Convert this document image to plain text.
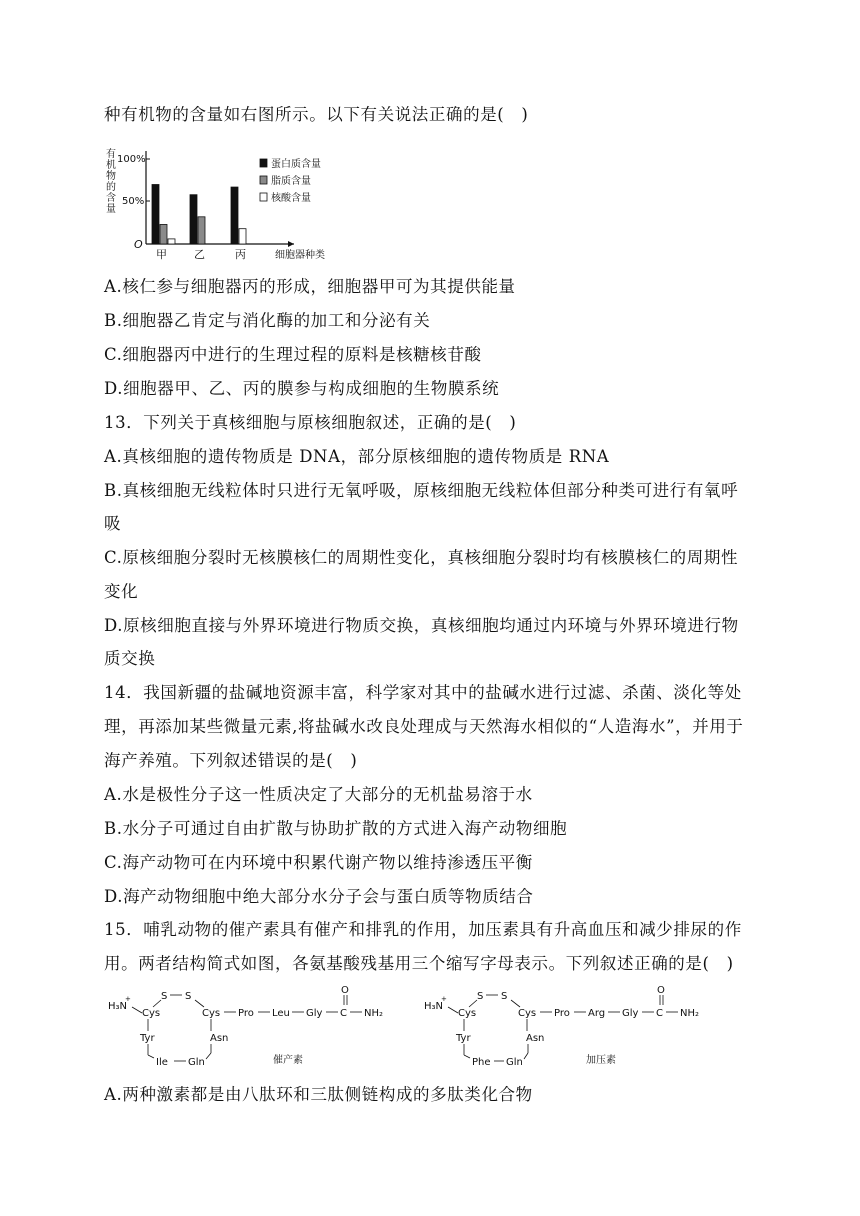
种有机物的含量如右图所示。以下有关说法正确的是(　)
有
机
物
的
含
量
100%
50%
O
甲 乙	丙	细胞器种类
蛋白质含量
脂质含量
核酸含量
A.核仁参与细胞器丙的形成，细胞器甲可为其提供能量
B.细胞器乙肯定与消化酶的加工和分泌有关
C.细胞器丙中进行的生理过程的原料是核糖核苷酸
D.细胞器甲、乙、丙的膜参与构成细胞的生物膜系统
13．下列关于真核细胞与原核细胞叙述，正确的是(　)
A.真核细胞的遗传物质是 DNA，部分原核细胞的遗传物质是 RNA
B.真核细胞无线粒体时只进行无氧呼吸，原核细胞无线粒体但部分种类可进行有氧呼
吸
C.原核细胞分裂时无核膜核仁的周期性变化，真核细胞分裂时均有核膜核仁的周期性
变化
D.原核细胞直接与外界环境进行物质交换，真核细胞均通过内环境与外界环境进行物
质交换
14．我国新疆的盐碱地资源丰富，科学家对其中的盐碱水进行过滤、杀菌、淡化等处
理，再添加某些微量元素,将盐碱水改良处理成与天然海水相似的“人造海水”，并用于
海产养殖。下列叙述错误的是(　)
A.水是极性分子这一性质决定了大部分的无机盐易溶于水
B.水分子可通过自由扩散与协助扩散的方式进入海产动物细胞
C.海产动物可在内环境中积累代谢产物以维持渗透压平衡
D.海产动物细胞中绝大部分水分子会与蛋白质等物质结合
15．哺乳动物的催产素具有催产和排乳的作用，加压素具有升高血压和减少排尿的作
用。两者结构简式如图，各氨基酸残基用三个缩写字母表示。下列叙述正确的是(　)
H₃N
+
Cys
S S
Cys Pro Leu Gly C
O
NH₂
Tyr
Ile Gln
Asn
催产素
H₃N
+
Cys
S S
Cys Pro Arg Gly C
O
NH₂
Tyr
Phe Gln
Asn
加压素
A.两种激素都是由八肽环和三肽侧链构成的多肽类化合物
